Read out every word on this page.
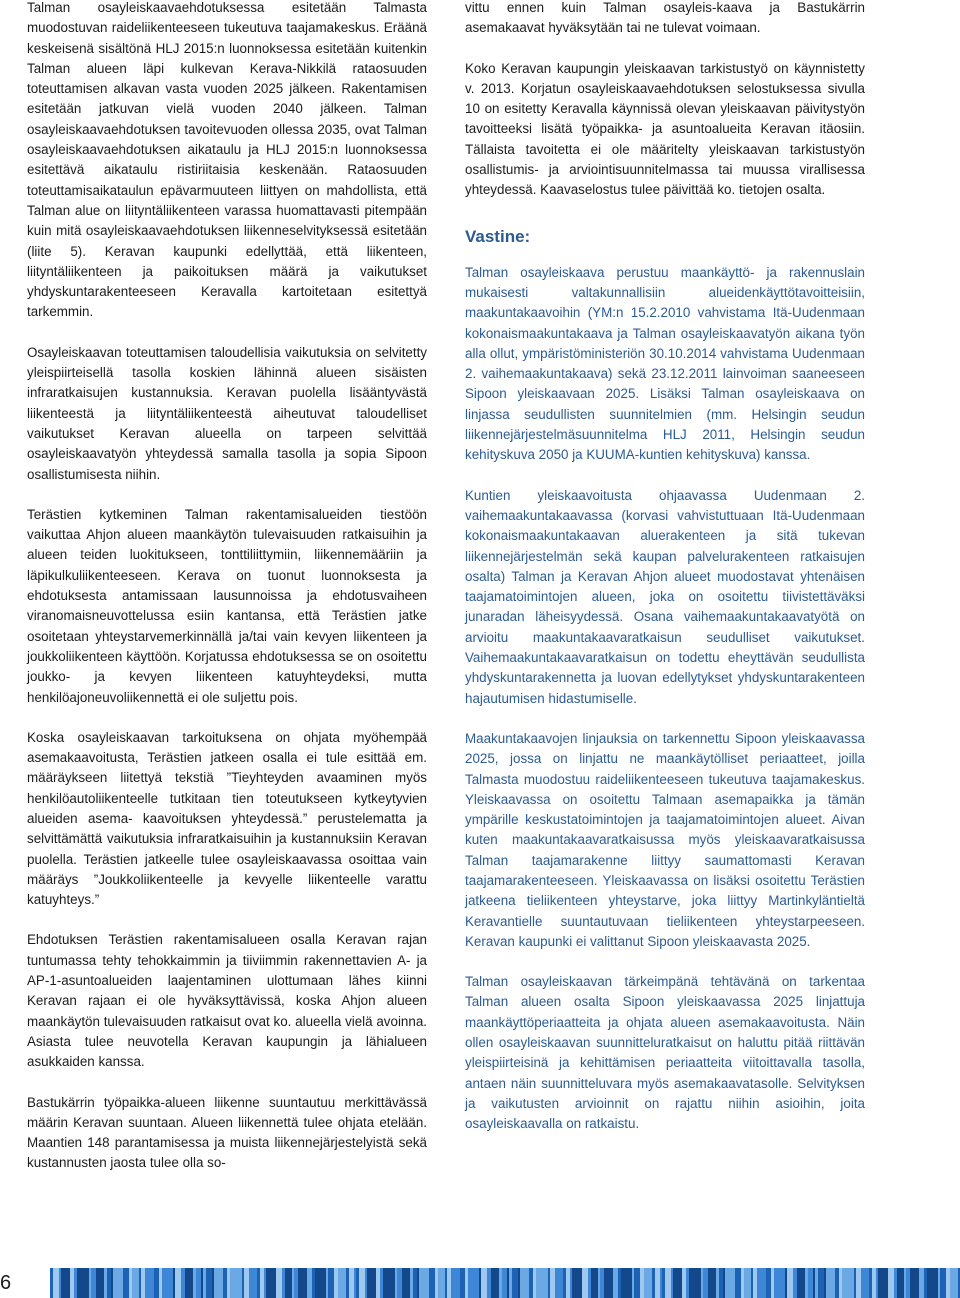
Talman osayleiskaavaehdotuksessa esitetään Talmasta muodostuvan raideliikenteeseen tukeutuva taajamakeskus. Eräänä keskeisenä sisältönä HLJ 2015:n luonnoksessa esitetään kuitenkin Talman alueen läpi kulkevan Kerava-Nikkilä rataosuuden toteuttamisen alkavan vasta vuoden 2025 jälkeen. Rakentamisen esitetään jatkuvan vielä vuoden 2040 jälkeen. Talman osayleiskaavaehdotuksen tavoitevuoden ollessa 2035, ovat Talman osayleiskaavaehdotuksen aikataulu ja HLJ 2015:n luonnoksessa esitettävä aikataulu ristiriitaisia keskenään. Rataosuuden toteuttamisaikataulun epävarmuuteen liittyen on mahdollista, että Talman alue on liityntäliikenteen varassa huomattavasti pitempään kuin mitä osayleiskaavaehdotuksen liikenneselvityksessä esitetään (liite 5). Keravan kaupunki edellyttää, että liikenteen, liityntäliikenteen ja paikoituksen määrä ja vaikutukset yhdyskuntarakenteeseen Keravalla kartoitetaan esitettyä tarkemmin.

Osayleiskaavan toteuttamisen taloudellisia vaikutuksia on selvitetty yleispiirteisellä tasolla koskien lähinnä alueen sisäisten infraratkaisujen kustannuksia. Keravan puolella lisääntyvästä liikenteestä ja liityntäliikenteestä aiheutuvat taloudelliset vaikutukset Keravan alueella on tarpeen selvittää osayleiskaavatyön yhteydessä samalla tasolla ja sopia Sipoon osallistumisesta niihin.

Terästien kytkeminen Talman rakentamisalueiden tiestöön vaikuttaa Ahjon alueen maankäytön tulevaisuuden ratkaisuihin ja alueen teiden luokitukseen, tonttiliittymiin, liikennemääriin ja läpikulkuliikenteeseen. Kerava on tuonut luonnoksesta ja ehdotuksesta antamissaan lausunnoissa ja ehdotusvaiheen viranomaisneuvottelussa esiin kantansa, että Terästien jatke osoitetaan yhteystarvemerkinnällä ja/tai vain kevyen liikenteen ja joukkoliikenteen käyttöön. Korjatussa ehdotuksessa se on osoitettu joukko- ja kevyen liikenteen katuyhteydeksi, mutta henkilöajoneuvoliikennettä ei ole suljettu pois.

Koska osayleiskaavan tarkoituksena on ohjata myöhempää asemakaavoitusta, Terästien jatkeen osalla ei tule esittää em. määräykseen liitettyä tekstiä ”Tieyhteyden avaaminen myös henkilöautoliikenteelle tutkitaan tien toteutukseen kytkeytyvien alueiden asema- kaavoituksen yhteydessä.” perustelematta ja selvittämättä vaikutuksia infraratkaisuihin ja kustannuksiin Keravan puolella. Terästien jatkeelle tulee osayleiskaavassa osoittaa vain määräys ”Joukkoliikenteelle ja kevyelle liikenteelle varattu katuyhteys.”

Ehdotuksen Terästien rakentamisalueen osalla Keravan rajan tuntumassa tehty tehokkaimmin ja tiiviimmin rakennettavien A- ja AP-1-asuntoalueiden laajentaminen ulottumaan lähes kiinni Keravan rajaan ei ole hyväksyttävissä, koska Ahjon alueen maankäytön tulevaisuuden ratkaisut ovat ko. alueella vielä avoinna. Asiasta tulee neuvotella Keravan kaupungin ja lähialueen asukkaiden kanssa.

Bastukärrin työpaikka-alueen liikenne suuntautuu merkittävässä määrin Keravan suuntaan. Alueen liikennettä tulee ohjata etelään. Maantien 148 parantamisessa ja muista liikennejärjestelyistä sekä kustannusten jaosta tulee olla so-

vittu ennen kuin Talman osayleis-kaava ja Bastukärrin asemakaavat hyväksytään tai ne tulevat voimaan.

Koko Keravan kaupungin yleiskaavan tarkistustyö on käynnistetty v. 2013. Korjatun osayleiskaavaehdotuksen selostuksessa sivulla 10 on esitetty Keravalla käynnissä olevan yleiskaavan päivitystyön tavoitteeksi lisätä työpaikka- ja asuntoalueita Keravan itäosiin. Tällaista tavoitetta ei ole määritelty yleiskaavan tarkistustyön osallistumis- ja arviointisuunnitelmassa tai muussa virallisessa yhteydessä. Kaavaselostus tulee päivittää ko. tietojen osalta.

Vastine:

Talman osayleiskaava perustuu maankäyttö- ja rakennuslain mukaisesti valtakunnallisiin alueidenkäyttötavoitteisiin, maakuntakaavoihin (YM:n 15.2.2010 vahvistama Itä-Uudenmaan kokonaismaakuntakaava ja Talman osayleiskaavatyön aikana työn alla ollut, ympäristöministeriön 30.10.2014 vahvistama Uudenmaan 2. vaihemaakuntakaava) sekä 23.12.2011 lainvoiman saaneeseen Sipoon yleiskaavaan 2025. Lisäksi Talman osayleiskaava on linjassa seudullisten suunnitelmien (mm. Helsingin seudun liikennejärjestelmäsuunnitelma HLJ 2011, Helsingin seudun kehityskuva 2050 ja KUUMA-kuntien kehityskuva) kanssa.

Kuntien yleiskaavoitusta ohjaavassa Uudenmaan 2. vaihemaakuntakaavassa (korvasi vahvistuttuaan Itä-Uudenmaan kokonaismaakuntakaavan aluerakenteen ja sitä tukevan liikennejärjestelmän sekä kaupan palvelurakenteen ratkaisujen osalta) Talman ja Keravan Ahjon alueet muodostavat yhtenäisen taajamatoimintojen alueen, joka on osoitettu tiivistettäväksi junaradan läheisyydessä. Osana vaihemaakuntakaavatyötä on arvioitu maakuntakaavaratkaisun seudulliset vaikutukset. Vaihemaakuntakaavaratkaisun on todettu eheyttävän seudullista yhdyskuntarakennetta ja luovan edellytykset yhdyskuntarakenteen hajautumisen hidastumiselle.

Maakuntakaavojen linjauksia on tarkennettu Sipoon yleiskaavassa 2025, jossa on linjattu ne maankäytölliset periaatteet, joilla Talmasta muodostuu raideliikenteeseen tukeutuva taajamakeskus. Yleiskaavassa on osoitettu Talmaan asemapaikka ja tämän ympärille keskustatoimintojen ja taajamatoimintojen alueet. Aivan kuten maakuntakaavaratkaisussa myös yleiskaavaratkaisussa Talman taajamarakenne liittyy saumattomasti Keravan taajamarakenteeseen. Yleiskaavassa on lisäksi osoitettu Terästien jatkeena tieliikenteen yhteystarve, joka liittyy Martinkyläntieltä Keravantielle suuntautuvaan tieliikenteen yhteystarpeeseen. Keravan kaupunki ei valittanut Sipoon yleiskaavasta 2025.

Talman osayleiskaavan tärkeimpänä tehtävänä on tarkentaa Talman alueen osalta Sipoon yleiskaavassa 2025 linjattuja maankäyttöperiaatteita ja ohjata alueen asemakaavoitusta. Näin ollen osayleiskaavan suunnitteluratkaisut on haluttu pitää riittävän yleispiirteisinä ja kehittämisen periaatteita viitoittavalla tasolla, antaen näin suunnitteluvara myös asemakaavatasolle. Selvityksen ja vaikutusten arvioinnit on rajattu niihin asioihin, joita osayleiskaavalla on ratkaistu.

6
